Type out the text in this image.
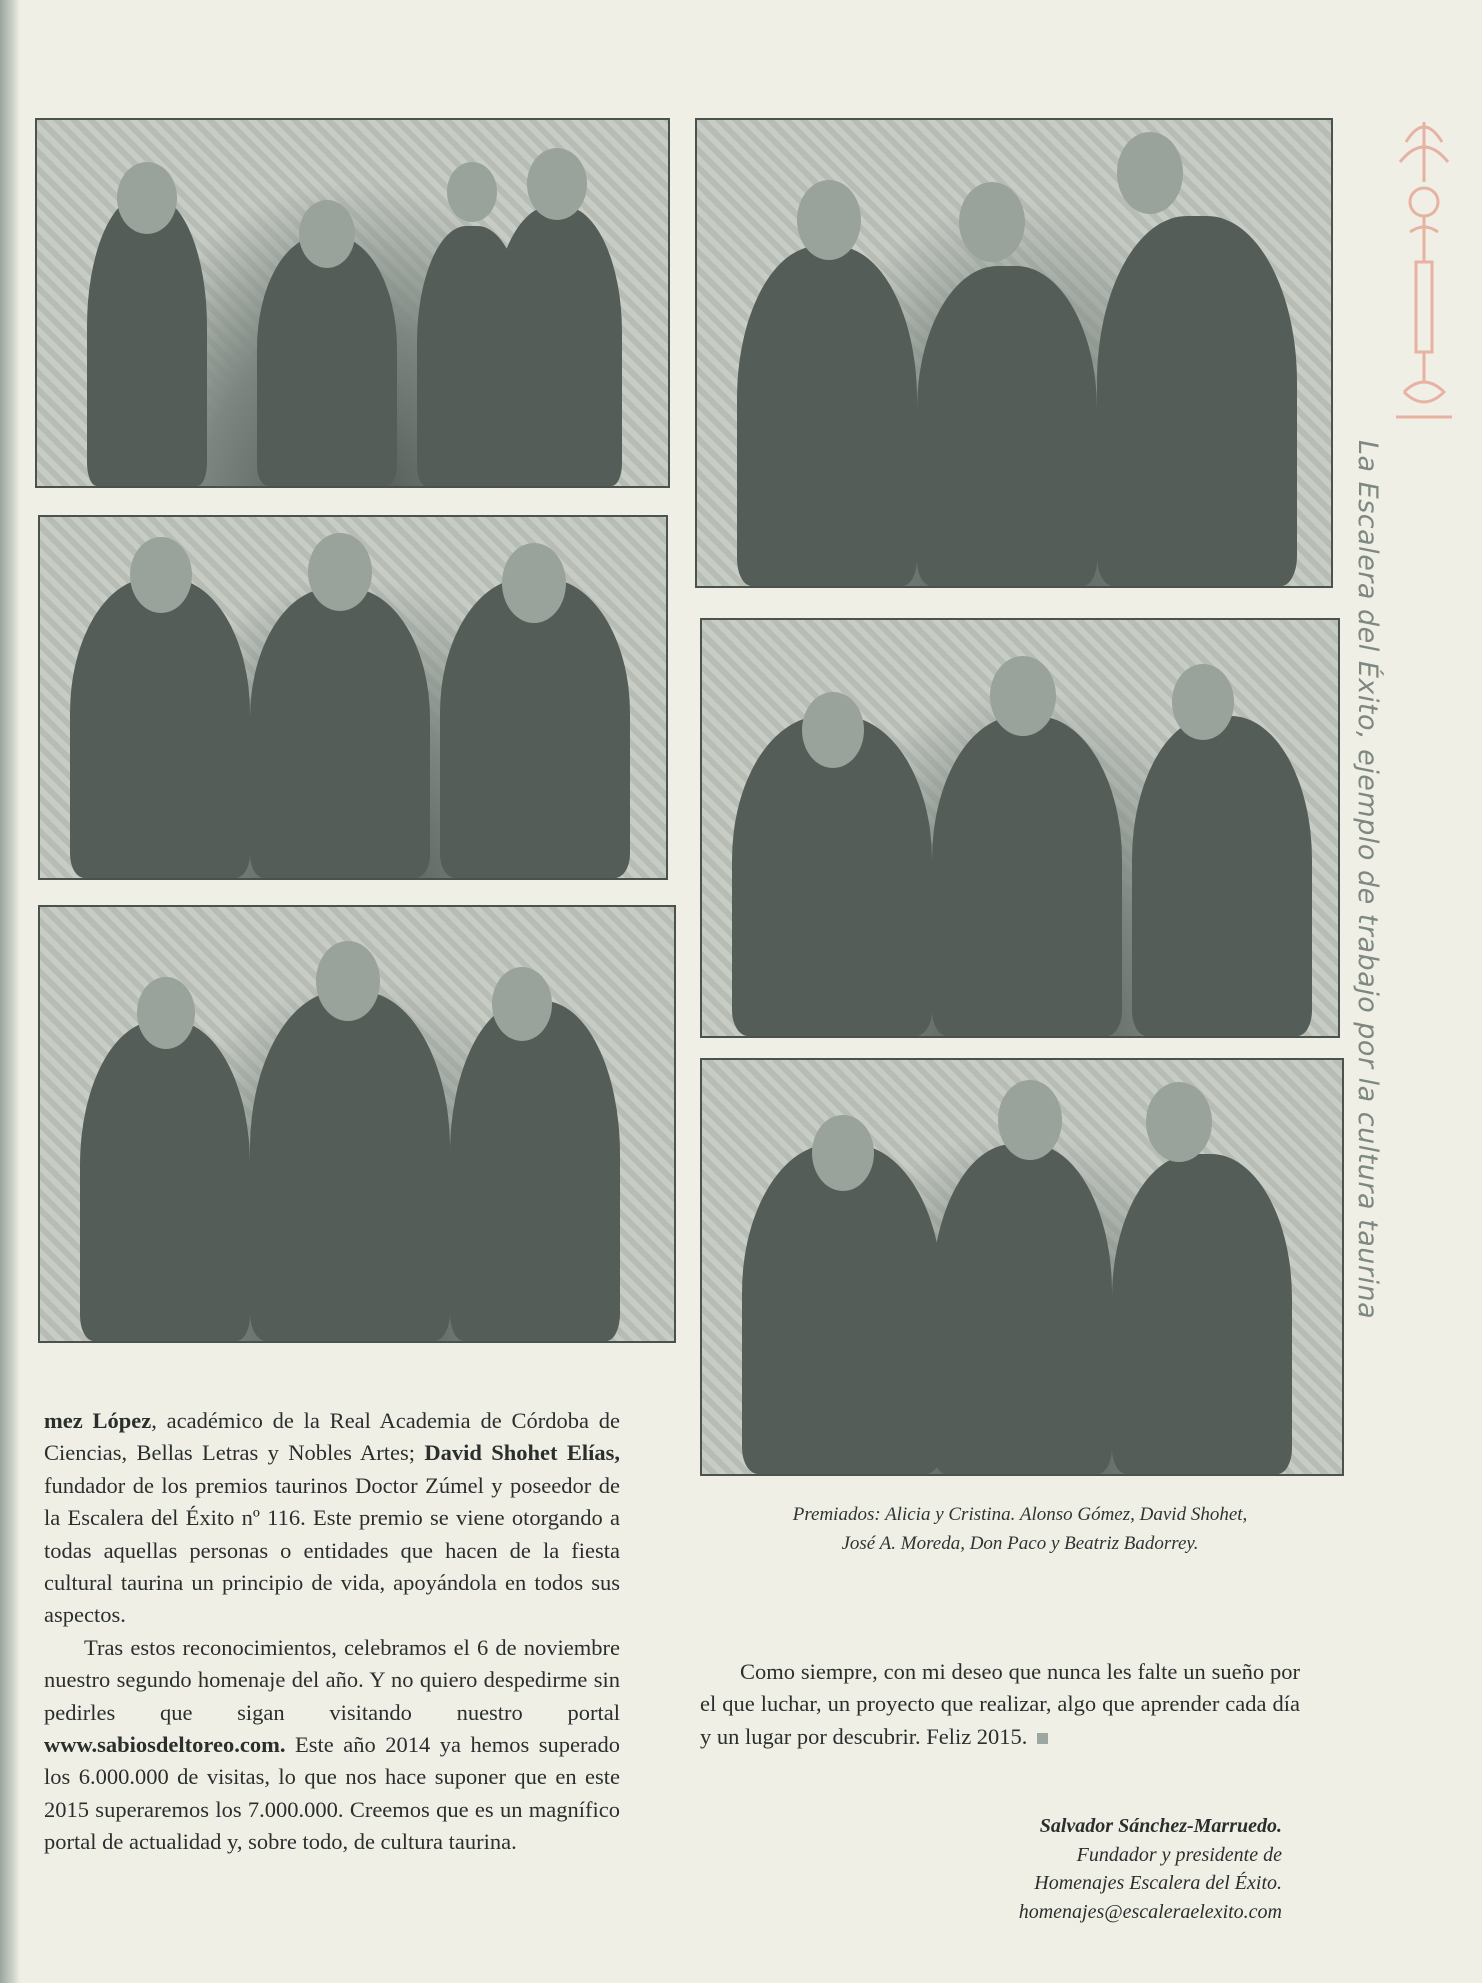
Premiados: Alicia y Cristina. Alonso Gómez, David Shohet,
José A. Moreda, Don Paco y Beatriz Badorrey.

mez López, académico de la Real Academia de Córdoba de Ciencias, Bellas Letras y Nobles Artes; David Shohet Elías, fundador de los premios taurinos Doctor Zúmel y poseedor de la Escalera del Éxito nº 116. Este premio se viene otorgando a todas aquellas personas o entidades que hacen de la fiesta cultural taurina un principio de vida, apoyándola en todos sus aspectos.

Tras estos reconocimientos, celebramos el 6 de noviembre nuestro segundo homenaje del año. Y no quiero despedirme sin pedirles que sigan visitando nuestro portal www.sabiosdeltoreo.com. Este año 2014 ya hemos superado los 6.000.000 de visitas, lo que nos hace suponer que en este 2015 superaremos los 7.000.000. Creemos que es un magnífico portal de actualidad y, sobre todo, de cultura taurina.

Como siempre, con mi deseo que nunca les falte un sueño por el que luchar, un proyecto que realizar, algo que aprender cada día y un lugar por descubrir. Feliz 2015.

Salvador Sánchez-Marruedo.
Fundador y presidente de
Homenajes Escalera del Éxito.
homenajes@escaleraelexito.com
La Escalera del Éxito, ejemplo de trabajo por la cultura taurina
